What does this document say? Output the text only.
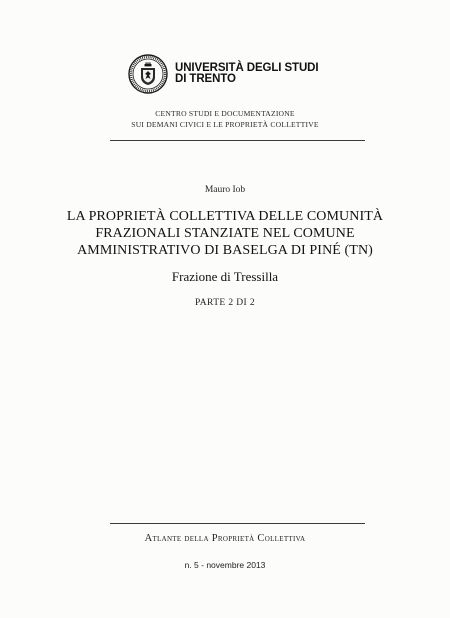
UNIVERSITÀ DEGLI STUDI
DI TRENTO
CENTRO STUDI E DOCUMENTAZIONE
SUI DEMANI CIVICI E LE PROPRIETÀ COLLETTIVE
Mauro Iob
LA PROPRIETÀ COLLETTIVA DELLE COMUNITÀ
FRAZIONALI STANZIATE NEL COMUNE
AMMINISTRATIVO DI BASELGA DI PINÉ (TN)
Frazione di Tressilla
PARTE 2 DI 2
Atlante della Proprietà Collettiva
n. 5 - novembre 2013
